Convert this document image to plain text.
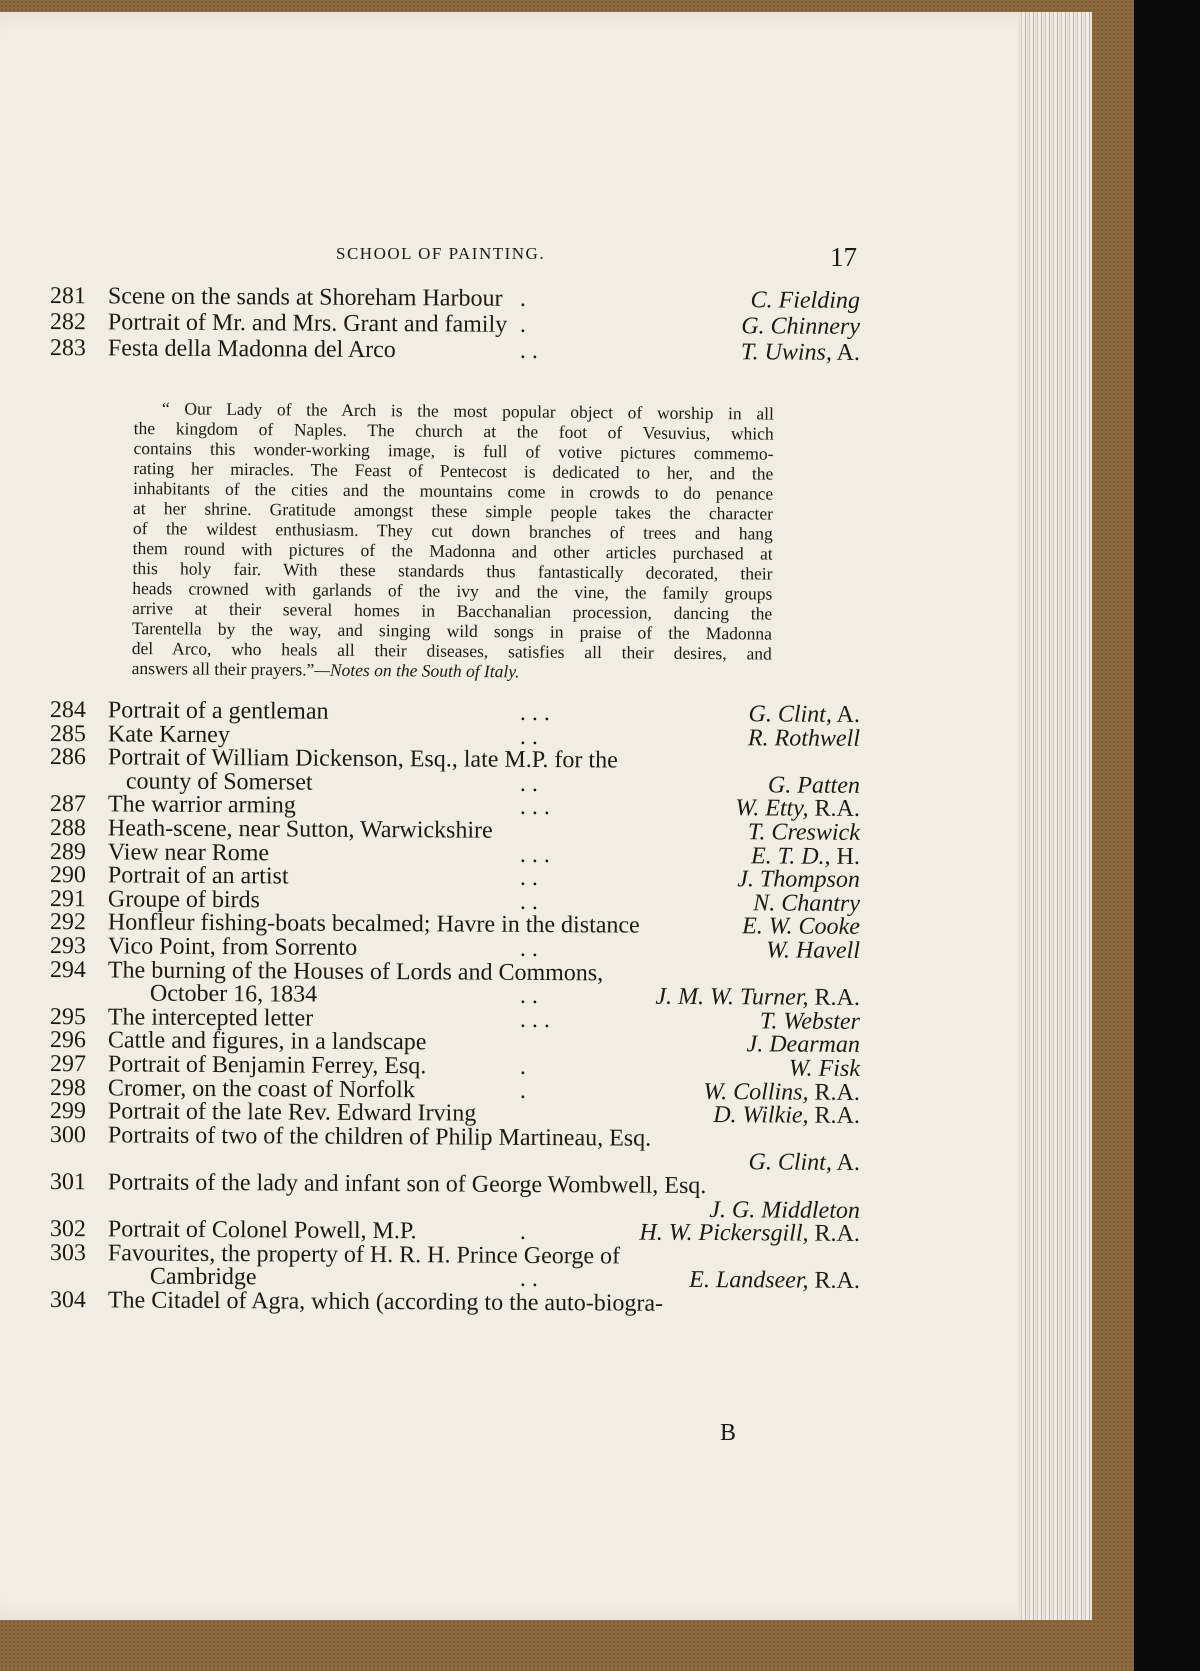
SCHOOL OF PAINTING.	17
281 Scene on the sands at Shoreham Harbour .	C. Fielding
282 Portrait of Mr. and Mrs. Grant and family .	G. Chinnery
283 Festa della Madonna del Arco	. .	T. Uwins, A.
“ Our Lady of the Arch is the most popular object of worship in all
the kingdom of Naples. The church at the foot of Vesuvius, which
contains this wonder-working image, is full of votive pictures commemo-
rating her miracles. The Feast of Pentecost is dedicated to her, and the
inhabitants of the cities and the mountains come in crowds to do penance
at her shrine. Gratitude amongst these simple people takes the character
of the wildest enthusiasm. They cut down branches of trees and hang
them round with pictures of the Madonna and other articles purchased at
this holy fair. With these standards thus fantastically decorated, their
heads crowned with garlands of the ivy and the vine, the family groups
arrive at their several homes in Bacchanalian procession, dancing the
Tarentella by the way, and singing wild songs in praise of the Madonna
del Arco, who heals all their diseases, satisfies all their desires, and
answers all their prayers.”—Notes on the South of Italy.
284 Portrait of a gentleman	. . .	G. Clint, A.
285 Kate Karney	. .	R. Rothwell
286 Portrait of William Dickenson, Esq., late M.P. for the
county of Somerset	. .	G. Patten
287 The warrior arming	. . .	W. Etty, R.A.
288 Heath-scene, near Sutton, Warwickshire	T. Creswick
289 View near Rome	. . .	E. T. D., H.
290 Portrait of an artist	. .	J. Thompson
291 Groupe of birds	. .	N. Chantry
292 Honfleur fishing-boats becalmed; Havre in the distance	E. W. Cooke
293 Vico Point, from Sorrento	. .	W. Havell
294 The burning of the Houses of Lords and Commons,
October 16, 1834	. .	J. M. W. Turner, R.A.
295 The intercepted letter	. . .	T. Webster
296 Cattle and figures, in a landscape	J. Dearman
297 Portrait of Benjamin Ferrey, Esq.	.	W. Fisk
298 Cromer, on the coast of Norfolk	.	W. Collins, R.A.
299 Portrait of the late Rev. Edward Irving	D. Wilkie, R.A.
300 Portraits of two of the children of Philip Martineau, Esq.
G. Clint, A.
301 Portraits of the lady and infant son of George Wombwell, Esq.
J. G. Middleton
302 Portrait of Colonel Powell, M.P.	.	H. W. Pickersgill, R.A.
303 Favourites, the property of H. R. H. Prince George of
Cambridge	. .	E. Landseer, R.A.
304 The Citadel of Agra, which (according to the auto-biogra-
B
